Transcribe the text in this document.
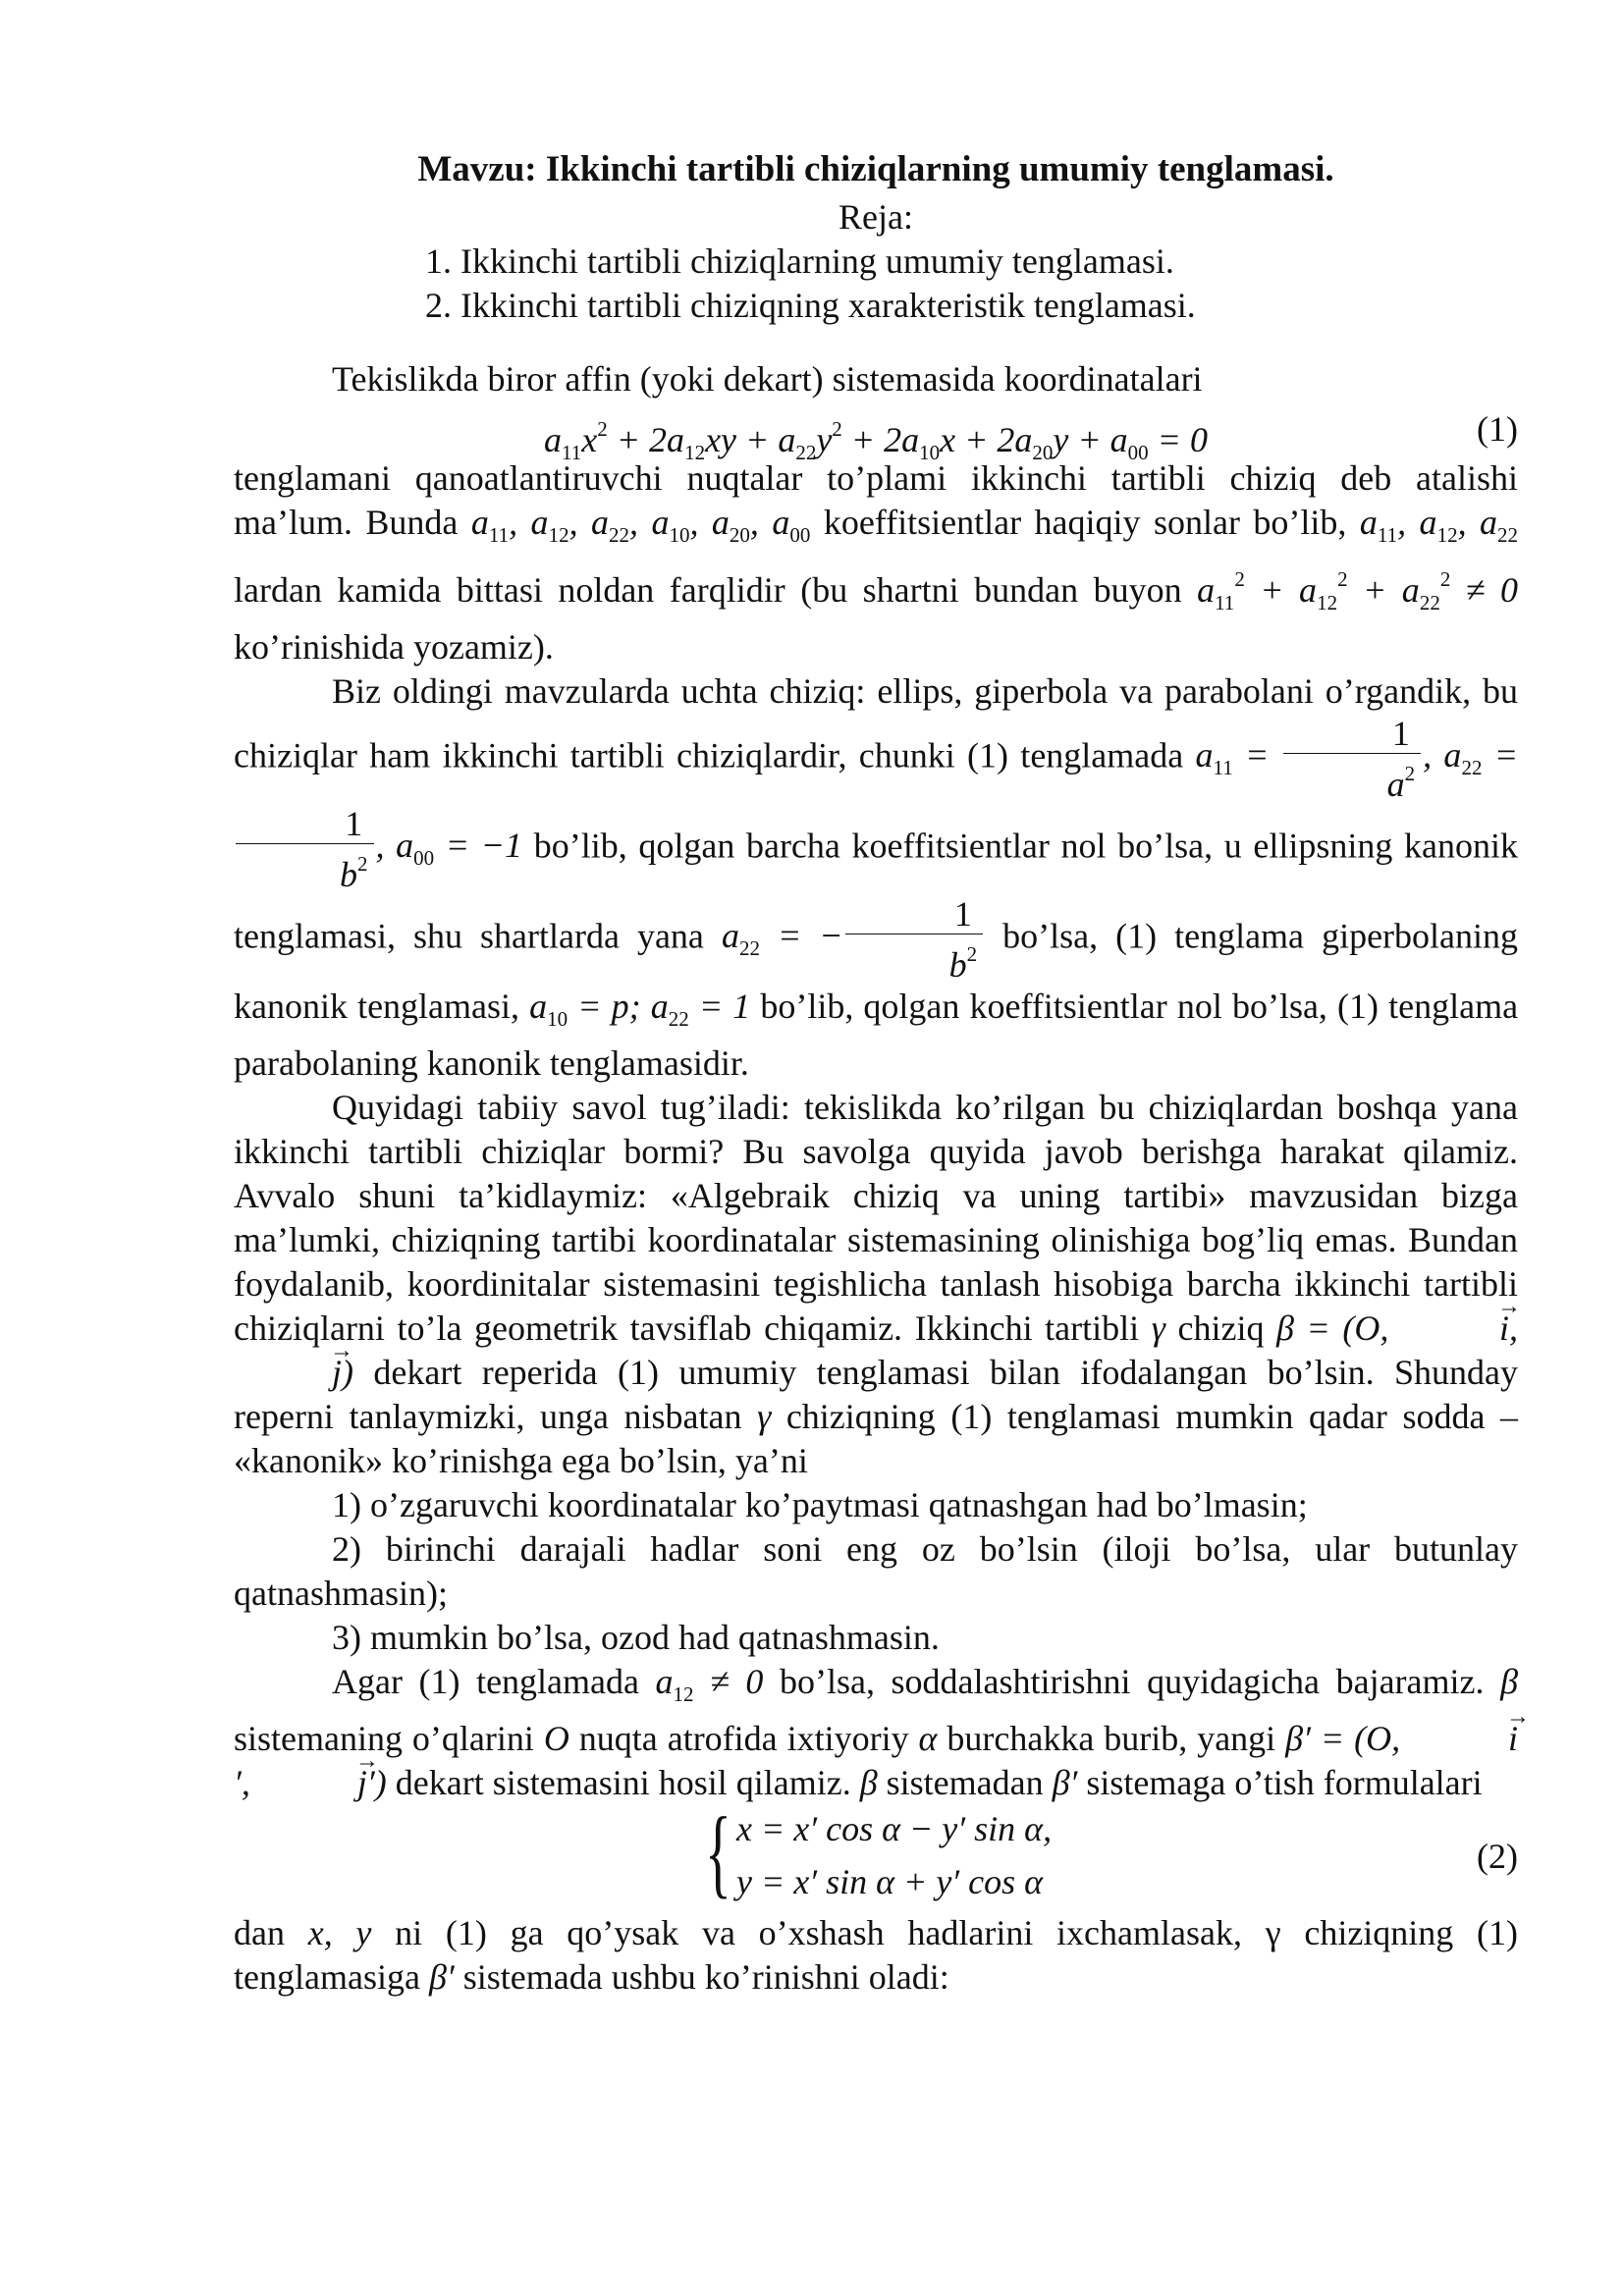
Mavzu: Ikkinchi tartibli chiziqlarning umumiy tenglamasi.
Reja:
1. Ikkinchi tartibli chiziqlarning umumiy tenglamasi.
2. Ikkinchi tartibli chiziqning xarakteristik tenglamasi.

Tekislikda biror affin (yoki dekart) sistemasida koordinatalari

$a_{11}x^2 + 2a_{12}xy + a_{22}y^2 + 2a_{10}x + 2a_{20}y + a_{00} = 0$	(1)

tenglamani qanoatlantiruvchi nuqtalar to’plami ikkinchi tartibli chiziq deb atalishi ma’lum. Bunda $a_{11}$, $a_{12}$, $a_{22}$, $a_{10}$, $a_{20}$, $a_{00}$ koeffitsientlar haqiqiy sonlar bo’lib, $a_{11}$, $a_{12}$, $a_{22}$ lardan kamida bittasi noldan farqlidir (bu shartni bundan buyon $a_{11}^2 + a_{12}^2 + a_{22}^2 \ne 0$ ko’rinishida yozamiz).

Biz oldingi mavzularda uchta chiziq: ellips, giperbola va parabolani o’rgandik, bu chiziqlar ham ikkinchi tartibli chiziqlardir, chunki (1) tenglamada $a_{11} = \frac{1}{a^2}$ , $a_{22}$ =
$\frac{1}{b^2}$ , $a_{00} = -1$ bo’lib, qolgan barcha koeffitsientlar nol bo’lsa, u ellipsning kanonik tenglamasi, shu shartlarda yana $a_{22}$ = − $\frac{1}{b^2}$ bo’lsa, (1) tenglama giperbolaning kanonik tenglamasi, $a_{10} = p$; $a_{22} = 1$ bo’lib, qolgan koeffitsientlar nol bo’lsa, (1) tenglama parabolaning kanonik tenglamasidir.

Quyidagi tabiiy savol tug’iladi: tekislikda ko’rilgan bu chiziqlardan boshqa yana ikkinchi tartibli chiziqlar bormi? Bu savolga quyida javob berishga harakat qilamiz. Avvalo shuni ta’kidlaymiz: «Algebraik chiziq va uning tartibi» mavzusidan bizga ma’lumki, chiziqning tartibi koordinatalar sistemasining olinishiga bog’liq emas. Bundan foydalanib, koordinitalar sistemasini tegishlicha tanlash hisobiga barcha ikkinchi tartibli chiziqlarni to’la geometrik tavsiflab chiqamiz. Ikkinchi tartibli γ chiziq β = (O,	→ i, → j) dekart reperida (1) umumiy tenglamasi bilan ifodalangan bo’lsin. Shunday reperni tanlaymizki, unga nisbatan γ chiziqning (1) tenglamasi mumkin qadar sodda – «kanonik» ko’rinishga ega bo’lsin, ya’ni

1) o’zgaruvchi koordinatalar ko’paytmasi qatnashgan had bo’lmasin;

2) birinchi darajali hadlar soni eng oz bo’lsin (iloji bo’lsa, ular butunlay qatnashmasin);

3) mumkin bo’lsa, ozod had qatnashmasin.

Agar (1) tenglamada $a_{12} \ne 0$ bo’lsa, soddalashtirishni quyidagicha bajaramiz. β sistemaning o’qlarini O nuqta atrofida ixtiyoriy α burchakka burib, yangi β′ = (O,	→ i′,	→ j′) dekart sistemasini hosil qilamiz. β sistemadan β′ sistemaga o’tish formulalari

{ x = x′ cos α − y′ sin α,
y = x′ sin α + y′ cos α
(2)

dan x, y ni (1) ga qo’ysak va o’xshash hadlarini ixchamlasak, γ chiziqning (1) tenglamasiga β′ sistemada ushbu ko’rinishni oladi:
